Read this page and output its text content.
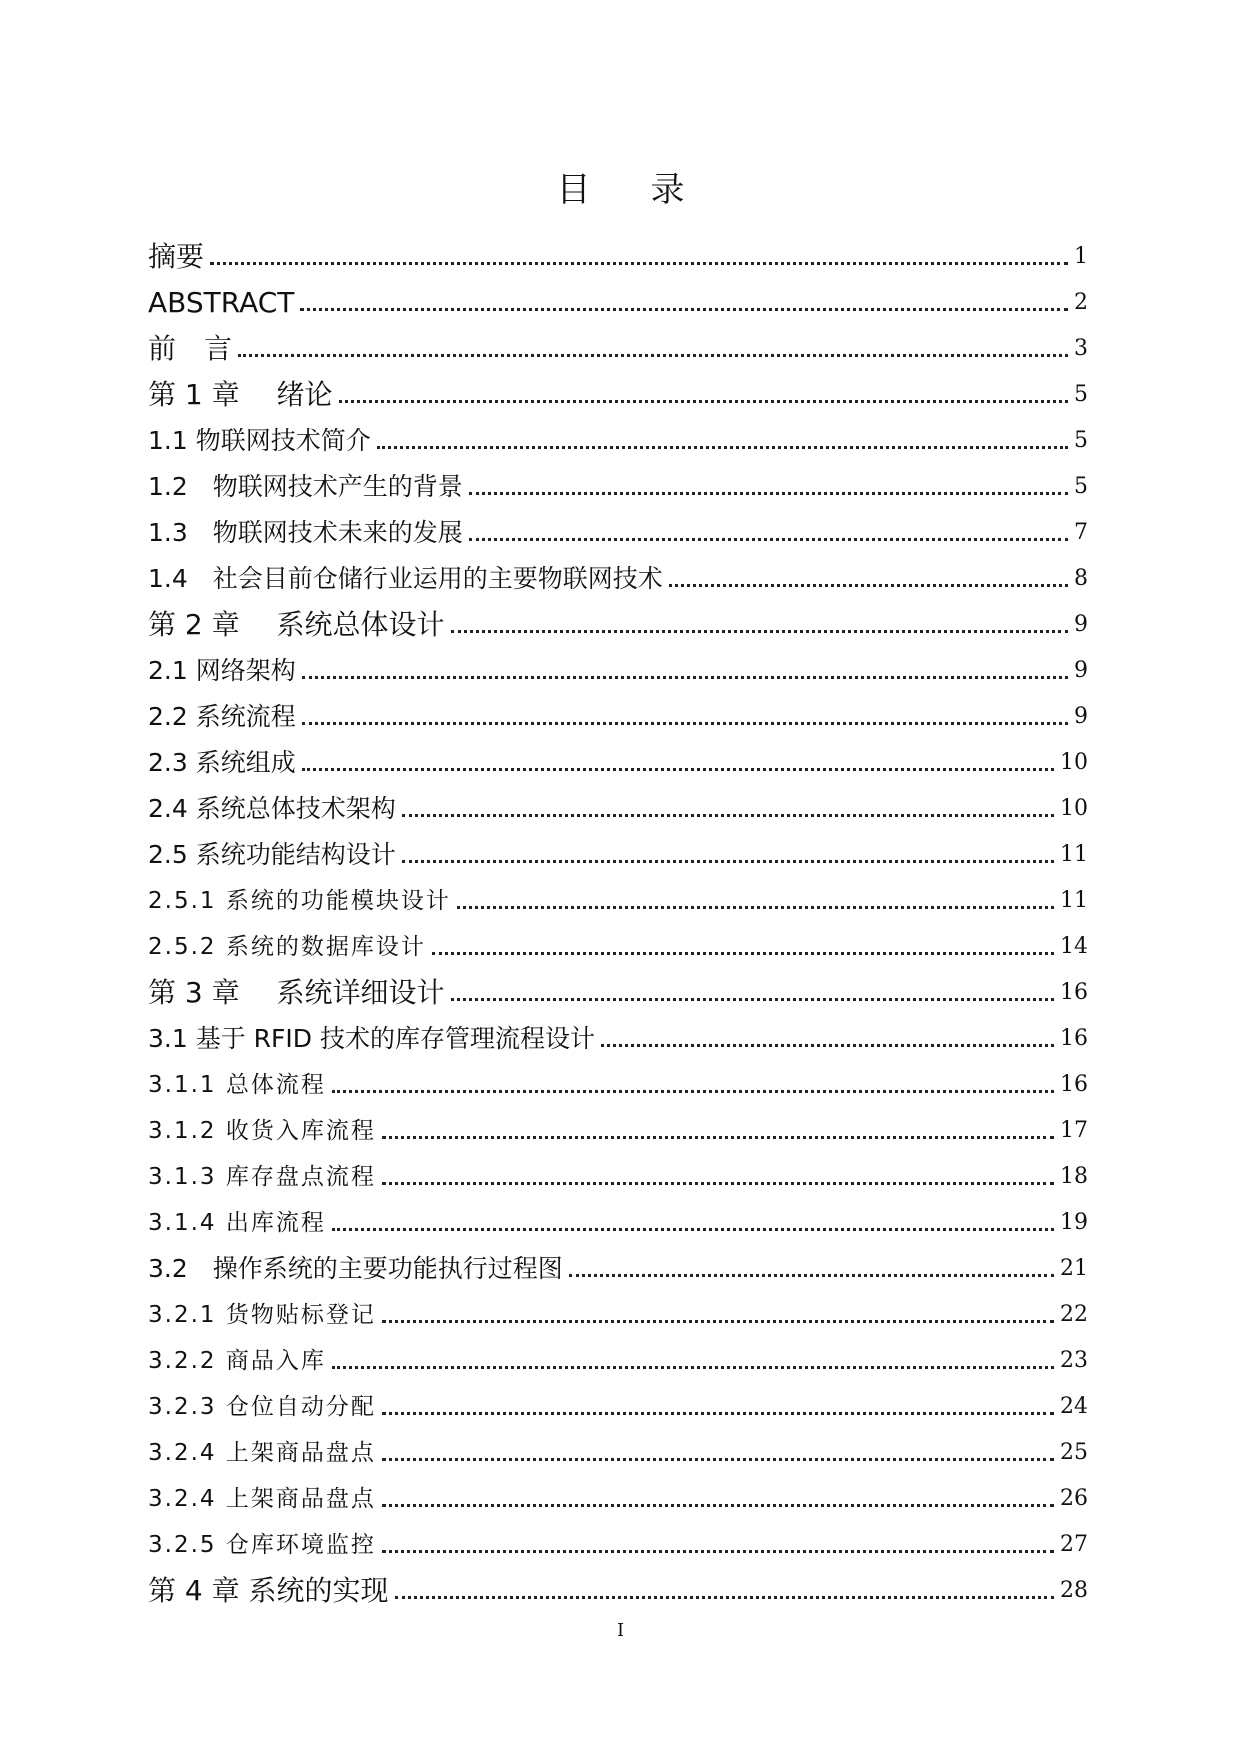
目录
摘要	1
ABSTRACT	2
前　言	3
第 1 章　 绪论	5
1.1 物联网技术简介	5
1.2　物联网技术产生的背景	5
1.3　物联网技术未来的发展	7
1.4　社会目前仓储行业运用的主要物联网技术	8
第 2 章　 系统总体设计	9
2.1 网络架构	9
2.2 系统流程	9
2.3 系统组成	10
2.4 系统总体技术架构	10
2.5 系统功能结构设计	11
2.5.1 系统的功能模块设计	11
2.5.2 系统的数据库设计	14
第 3 章　 系统详细设计	16
3.1 基于 RFID 技术的库存管理流程设计	16
3.1.1 总体流程	16
3.1.2 收货入库流程	17
3.1.3 库存盘点流程	18
3.1.4 出库流程	19
3.2　操作系统的主要功能执行过程图	21
3.2.1 货物贴标登记	22
3.2.2 商品入库	23
3.2.3 仓位自动分配	24
3.2.4 上架商品盘点	25
3.2.4 上架商品盘点	26
3.2.5 仓库环境监控	27
第 4 章 系统的实现	28
I
